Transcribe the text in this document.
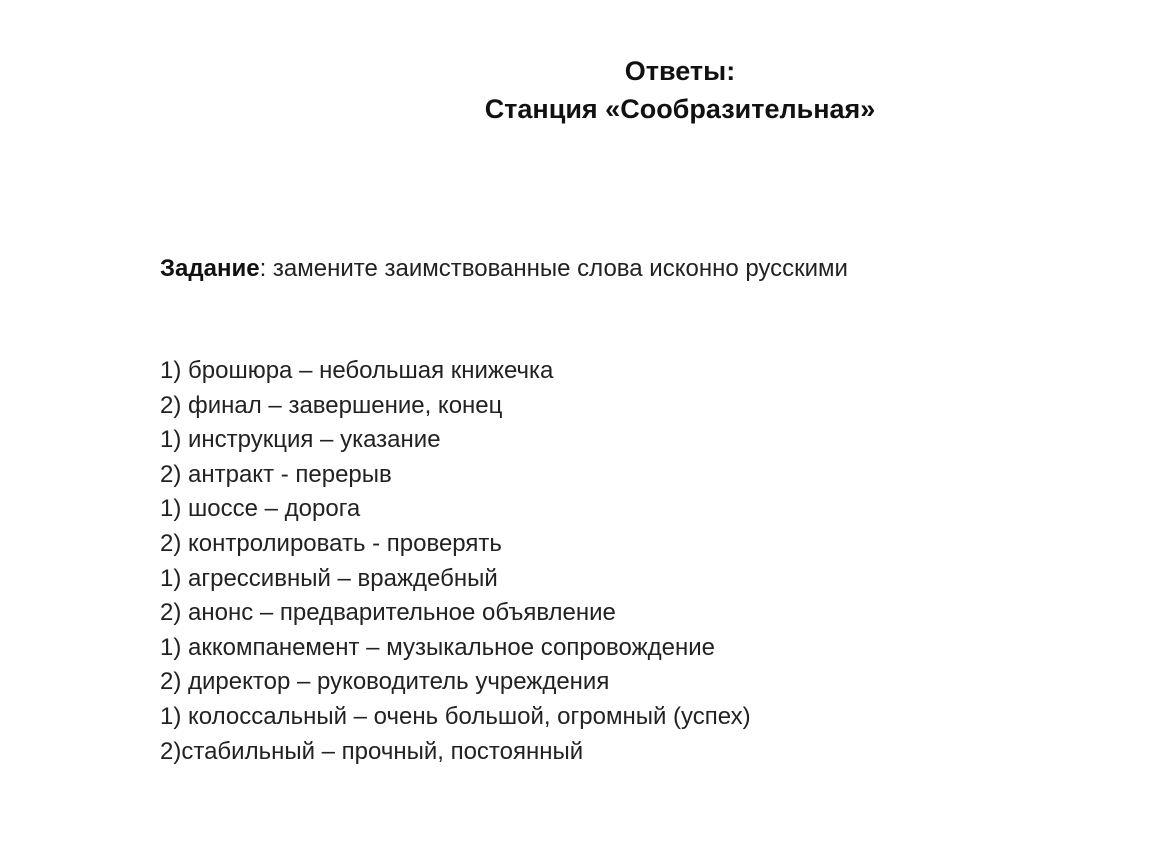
Ответы:
Станция «Сообразительная»
Задание: замените заимствованные слова исконно русскими
1) брошюра – небольшая книжечка
2) финал – завершение, конец
1) инструкция – указание
2) антракт - перерыв
1) шоссе – дорога
2) контролировать - проверять
1) агрессивный – враждебный
2) анонс – предварительное объявление
1) аккомпанемент – музыкальное сопровождение
2) директор – руководитель учреждения
1) колоссальный – очень большой, огромный (успех)
2)стабильный – прочный, постоянный
